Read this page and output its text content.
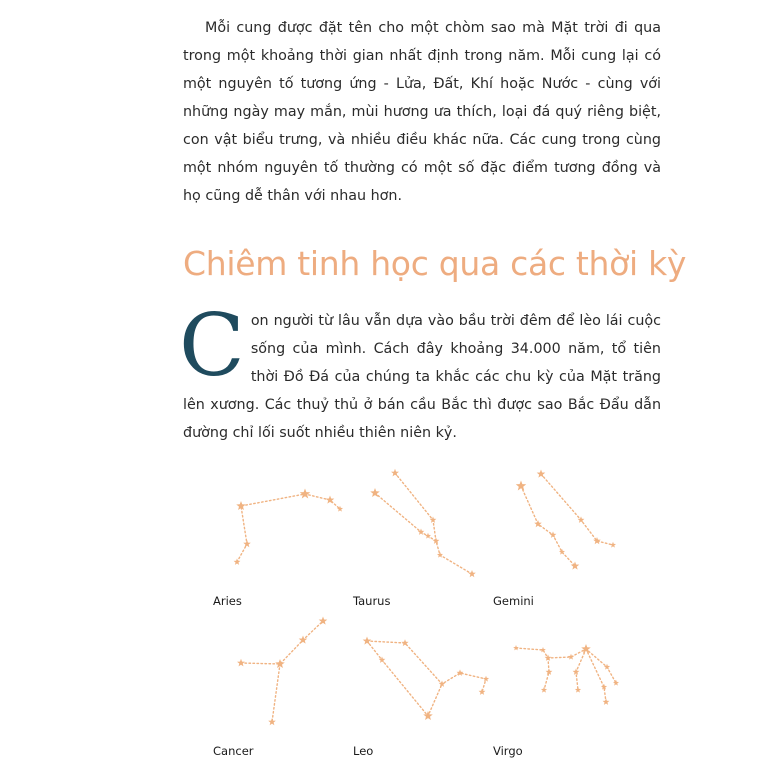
Mỗi cung được đặt tên cho một chòm sao mà Mặt trời đi qua trong một khoảng thời gian nhất định trong năm. Mỗi cung lại có một nguyên tố tương ứng - Lửa, Đất, Khí hoặc Nước - cùng với những ngày may mắn, mùi hương ưa thích, loại đá quý riêng biệt, con vật biểu trưng, và nhiều điều khác nữa. Các cung trong cùng một nhóm nguyên tố thường có một số đặc điểm tương đồng và họ cũng dễ thân với nhau hơn.

Chiêm tinh học qua các thời kỳ

Con người từ lâu vẫn dựa vào bầu trời đêm để lèo lái cuộc sống của mình. Cách đây khoảng 34.000 năm, tổ tiên thời Đồ Đá của chúng ta khắc các chu kỳ của Mặt trăng lên xương. Các thuỷ thủ ở bán cầu Bắc thì được sao Bắc Đẩu dẫn đường chỉ lối suốt nhiều thiên niên kỷ.

Aries	Taurus	Gemini
Cancer	Leo	Virgo
